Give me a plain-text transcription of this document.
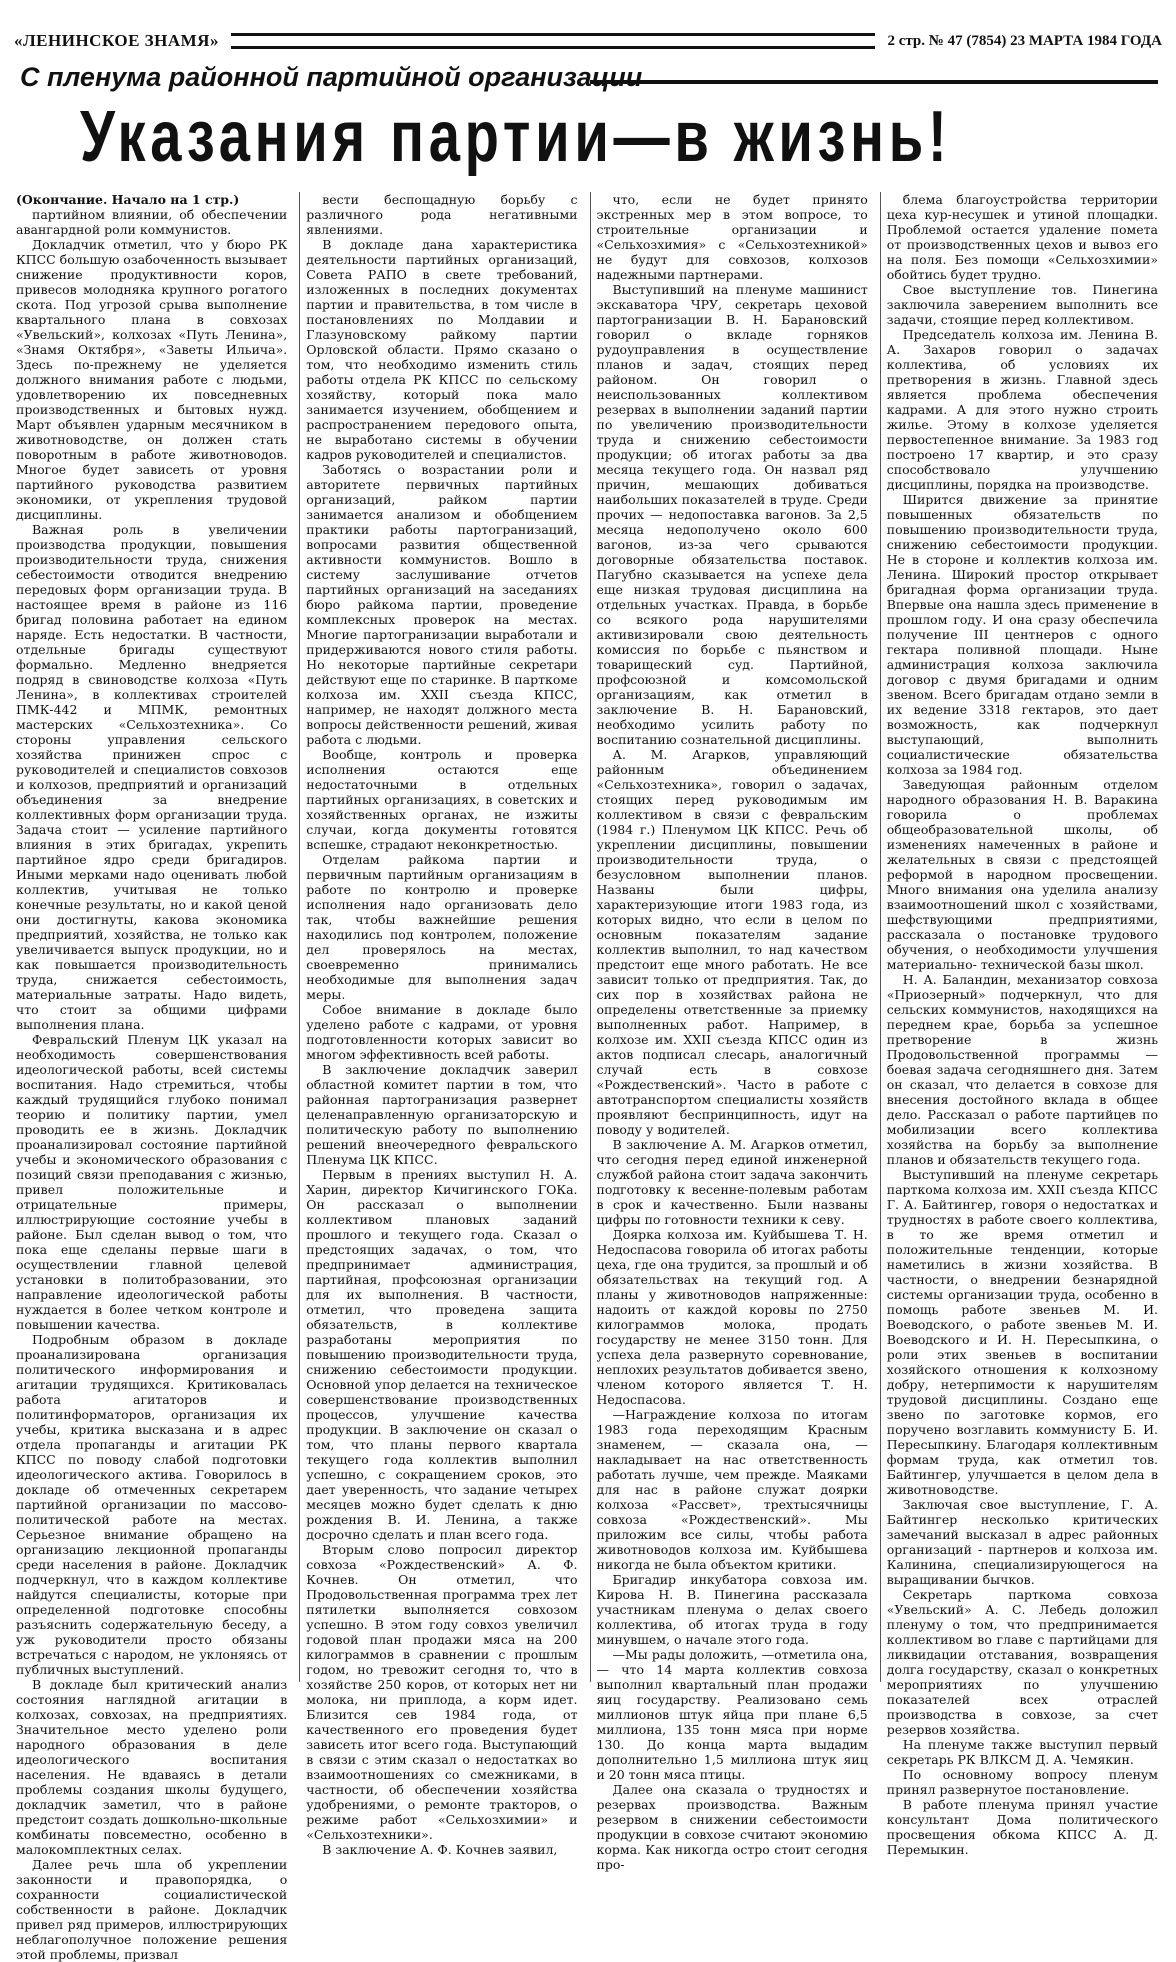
«ЛЕНИНСКОЕ ЗНАМЯ»	2 стр. № 47 (7854) 23 МАРТА 1984 ГОДА
С пленума районной партийной организации
Указания партии—в жизнь!

(Окончание. Начало на 1 стр.)

партийном влиянии, об обеспечении авангардной роли коммунистов.

Докладчик отметил, что у бюро РК КПСС большую озабоченность вызывает снижение продуктивности коров, привесов молодняка крупного рогатого скота. Под угрозой срыва выполнение квартального плана в совхозах «Увельский», колхозах «Путь Ленина», «Знамя Октября», «Заветы Ильича». Здесь по-прежнему не уделяется должного внимания работе с людьми, удовлетворению их повседневных производственных и бытовых нужд. Март объявлен ударным месячником в животноводстве, он должен стать поворотным в работе животноводов. Многое будет зависеть от уровня партийного руководства развитием экономики, от укрепления трудовой дисциплины.

Важная роль в увеличении производства продукции, повышения производительности труда, снижения себестоимости отводится внедрению передовых форм организации труда. В настоящее время в районе из 116 бригад половина работает на едином наряде. Есть недостатки. В частности, отдельные бригады существуют формально. Медленно внедряется подряд в свиноводстве колхоза «Путь Ленина», в коллективах строителей ПМК-442 и МПМК, ремонтных мастерских «Сельхозтехника». Со стороны управления сельского хозяйства принижен спрос с руководителей и специалистов совхозов и колхозов, предприятий и организаций объединения за внедрение коллективных форм организации труда. Задача стоит — усиление партийного влияния в этих бригадах, укрепить партийное ядро среди бригадиров. Иными мерками надо оценивать любой коллектив, учитывая не только конечные результаты, но и какой ценой они достигнуты, какова экономика предприятий, хозяйства, не только как увеличивается выпуск продукции, но и как повышается производительность труда, снижается себестоимость, материальные затраты. Надо видеть, что стоит за общими цифрами выполнения плана.

Февральский Пленум ЦК указал на необходимость совершенствования идеологической работы, всей системы воспитания. Надо стремиться, чтобы каждый трудящийся глубоко понимал теорию и политику партии, умел проводить ее в жизнь. Докладчик проанализировал состояние партийной учебы и экономического образования с позиций связи преподавания с жизнью, привел положительные и отрицательные примеры, иллюстрирующие состояние учебы в районе. Был сделан вывод о том, что пока еще сделаны первые шаги в осуществлении главной целевой установки в политобразовании, это направление идеологической работы нуждается в более четком контроле и повышении качества.

Подробным образом в докладе проанализирована организация политического информирования и агитации трудящихся. Критиковалась работа агитаторов и политинформаторов, организация их учебы, критика высказана и в адрес отдела пропаганды и агитации РК КПСС по поводу слабой подготовки идеологического актива. Говорилось в докладе об отмеченных секретарем партийной организации по массово-политической работе на местах. Серьезное внимание обращено на организацию лекционной пропаганды среди населения в районе. Докладчик подчеркнул, что в каждом коллективе найдутся специалисты, которые при определенной подготовке способны разъяснить содержательную беседу, а уж руководители просто обязаны встречаться с народом, не уклоняясь от публичных выступлений.

В докладе был критический анализ состояния наглядной агитации в колхозах, совхозах, на предприятиях. Значительное место уделено роли народного образования в деле идеологического воспитания населения. Не вдаваясь в детали проблемы создания школы будущего, докладчик заметил, что в районе предстоит создать дошкольно-школьные комбинаты повсеместно, особенно в малокомплектных селах.

Далее речь шла об укреплении законности и правопорядка, о сохранности социалистической собственности в районе. Докладчик привел ряд примеров, иллюстрирующих неблагополучное положение решения этой проблемы, призвал

вести беспощадную борьбу с различного рода негативными явлениями.

В докладе дана характеристика деятельности партийных организаций, Совета РАПО в свете требований, изложенных в последних документах партии и правительства, в том числе в постановлениях по Молдавии и Глазуновскому райкому партии Орловской области. Прямо сказано о том, что необходимо изменить стиль работы отдела РК КПСС по сельскому хозяйству, который пока мало занимается изучением, обобщением и распространением передового опыта, не выработано системы в обучении кадров руководителей и специалистов.

Заботясь о возрастании роли и авторитете первичных партийных организаций, райком партии занимается анализом и обобщением практики работы партогранизаций, вопросами развития общественной активности коммунистов. Вошло в систему заслушивание отчетов партийных организаций на заседаниях бюро райкома партии, проведение комплексных проверок на местах. Многие партогранизации выработали и придерживаются нового стиля работы. Но некоторые партийные секретари действуют еще по старинке. В парткоме колхоза им. XXII съезда КПСС, например, не находят должного места вопросы действенности решений, живая работа с людьми.

Вообще, контроль и проверка исполнения остаются еще недостаточными в отдельных партийных организациях, в советских и хозяйственных органах, не изжиты случаи, когда документы готовятся вспешке, страдают неконкретностью.

Отделам райкома партии и первичным партийным организациям в работе по контролю и проверке исполнения надо организовать дело так, чтобы важнейшие решения находились под контролем, положение дел проверялось на местах, своевременно принимались необходимые для выполнения задач меры.

Собое внимание в докладе было уделено работе с кадрами, от уровня подготовленности которых зависит во многом эффективность всей работы.

В заключение докладчик заверил областной комитет партии в том, что районная партогранизация развернет целенаправленную организаторскую и политическую работу по выполнению решений внеочередного февральского Пленума ЦК КПСС.

Первым в прениях выступил Н. А. Харин, директор Кичигинского ГОКа. Он рассказал о выполнении коллективом плановых заданий прошлого и текущего года. Сказал о предстоящих задачах, о том, что предпринимает администрация, партийная, профсоюзная организации для их выполнения. В частности, отметил, что проведена защита обязательств, в коллективе разработаны мероприятия по повышению производительности труда, снижению себестоимости продукции. Основной упор делается на техническое совершенствование производственных процессов, улучшение качества продукции. В заключение он сказал о том, что планы первого квартала текущего года коллектив выполнил успешно, с сокращением сроков, это дает уверенность, что задание четырех месяцев можно будет сделать к дню рождения В. И. Ленина, а также досрочно сделать и план всего года.

Вторым слово попросил директор совхоза «Рождественский» А. Ф. Кочнев. Он отметил, что Продовольственная программа трех лет пятилетки выполняется совхозом успешно. В этом году совхоз увеличил годовой план продажи мяса на 200 килограммов в сравнении с прошлым годом, но тревожит сегодня то, что в хозяйстве 250 коров, от которых нет ни молока, ни приплода, а корм идет. Близится сев 1984 года, от качественного его проведения будет зависеть итог всего года. Выступающий в связи с этим сказал о недостатках во взаимоотношениях со смежниками, в частности, об обеспечении хозяйства удобрениями, о ремонте тракторов, о режиме работ «Сельхозхимии» и «Сельхозтехники».

В заключение А. Ф. Кочнев заявил,

что, если не будет принято экстренных мер в этом вопросе, то строительные организации и «Сельхозхимия» с «Сельхозтехникой» не будут для совхозов, колхозов надежными партнерами.

Выступивший на пленуме машинист экскаватора ЧРУ, секретарь цеховой партогранизации В. Н. Барановский говорил о вкладе горняков рудоуправления в осуществление планов и задач, стоящих перед районом. Он говорил о неиспользованных коллективом резервах в выполнении заданий партии по увеличению производительности труда и снижению себестоимости продукции; об итогах работы за два месяца текущего года. Он назвал ряд причин, мешающих добиваться наибольших показателей в труде. Среди прочих — недопоставка вагонов. За 2,5 месяца недополучено около 600 вагонов, из-за чего срываются договорные обязательства поставок. Пагубно сказывается на успехе дела еще низкая трудовая дисциплина на отдельных участках. Правда, в борьбе со всякого рода нарушителями активизировали свою деятельность комиссия по борьбе с пьянством и товарищеский суд. Партийной, профсоюзной и комсомольской организациям, как отметил в заключение В. Н. Барановский, необходимо усилить работу по воспитанию сознательной дисциплины.

А. М. Агарков, управляющий районным объединением «Сельхозтехника», говорил о задачах, стоящих перед руководимым им коллективом в связи с февральским (1984 г.) Пленумом ЦК КПСС. Речь об укреплении дисциплины, повышении производительности труда, о безусловном выполнении планов. Названы были цифры, характеризующие итоги 1983 года, из которых видно, что если в целом по основным показателям задание коллектив выполнил, то над качеством предстоит еще много работать. Не все зависит только от предприятия. Так, до сих пор в хозяйствах района не определены ответственные за приемку выполненных работ. Например, в колхозе им. XXII съезда КПСС один из актов подписал слесарь, аналогичный случай есть в совхозе «Рождественский». Часто в работе с автотранспортом специалисты хозяйств проявляют беспринципность, идут на поводу у водителей.

В заключение А. М. Агарков отметил, что сегодня перед единой инженерной службой района стоит задача закончить подготовку к весенне-полевым работам в срок и качественно. Были названы цифры по готовности техники к севу.

Доярка колхоза им. Куйбышева Т. Н. Недоспасова говорила об итогах работы цеха, где она трудится, за прошлый и об обязательствах на текущий год. А планы у животноводов напряженные: надоить от каждой коровы по 2750 килограммов молока, продать государству не менее 3150 тонн. Для успеха дела развернуто соревнование, неплохих результатов добивается звено, членом которого является Т. Н. Недоспасова.

—Награждение колхоза по итогам 1983 года переходящим Красным знаменем, — сказала она, — накладывает на нас ответственность работать лучше, чем прежде. Маяками для нас в районе служат доярки колхоза «Рассвет», трехтысячницы совхоза «Рождественский». Мы приложим все силы, чтобы работа животноводов колхоза им. Куйбышева никогда не была объектом критики.

Бригадир инкубатора совхоза им. Кирова Н. В. Пинегина рассказала участникам пленума о делах своего коллектива, об итогах труда в году минувшем, о начале этого года.

—Мы рады доложить, —отметила она, — что 14 марта коллектив совхоза выполнил квартальный план продажи яиц государству. Реализовано семь миллионов штук яйца при плане 6,5 миллиона, 135 тонн мяса при норме 130. До конца марта выдадим дополнительно 1,5 миллиона штук яиц и 20 тонн мяса птицы.

Далее она сказала о трудностях и резервах производства. Важным резервом в снижении себестоимости продукции в совхозе считают экономию корма. Как никогда остро стоит сегодня про-

блема благоустройства территории цеха кур-несушек и утиной площадки. Проблемой остается удаление помета от производственных цехов и вывоз его на поля. Без помощи «Сельхозхимии» обойтись будет трудно.

Свое выступление тов. Пинегина заключила заверением выполнить все задачи, стоящие перед коллективом.

Председатель колхоза им. Ленина В. А. Захаров говорил о задачах коллектива, об условиях их претворения в жизнь. Главной здесь является проблема обеспечения кадрами. А для этого нужно строить жилье. Этому в колхозе уделяется первостепенное внимание. За 1983 год построено 17 квартир, и это сразу способствовало улучшению дисциплины, порядка на производстве.

Ширится движение за принятие повышенных обязательств по повышению производительности труда, снижению себестоимости продукции. Не в стороне и коллектив колхоза им. Ленина. Широкий простор открывает бригадная форма организации труда. Впервые она нашла здесь применение в прошлом году. И она сразу обеспечила получение III центнеров с одного гектара поливной площади. Ныне администрация колхоза заключила договор с двумя бригадами и одним звеном. Всего бригадам отдано земли в их ведение 3318 гектаров, это дает возможность, как подчеркнул выступающий, выполнить социалистические обязательства колхоза за 1984 год.

Заведующая районным отделом народного образования Н. В. Варакина говорила о проблемах общеобразовательной школы, об изменениях намеченных в районе и желательных в связи с предстоящей реформой в народном просвещении. Много внимания она уделила анализу взаимоотношений школ с хозяйствами, шефствующими предприятиями, рассказала о постановке трудового обучения, о необходимости улучшения материально- технической базы школ.

Н. А. Баландин, механизатор совхоза «Приозерный» подчеркнул, что для сельских коммунистов, находящихся на переднем крае, борьба за успешное претворение в жизнь Продовольственной программы — боевая задача сегодняшнего дня. Затем он сказал, что делается в совхозе для внесения достойного вклада в общее дело. Рассказал о работе партийцев по мобилизации всего коллектива хозяйства на борьбу за выполнение планов и обязательств текущего года.

Выступивший на пленуме секретарь парткома колхоза им. XXII съезда КПСС Г. А. Байтингер, говоря о недостатках и трудностях в работе своего коллектива, в то же время отметил и положительные тенденции, которые наметились в жизни хозяйства. В частности, о внедрении безнарядной системы организации труда, особенно в помощь работе звеньев М. И. Воеводского, о работе звеньев М. И. Воеводского и И. Н. Пересыпкина, о роли этих звеньев в воспитании хозяйского отношения к колхозному добру, нетерпимости к нарушителям трудовой дисциплины. Создано еще звено по заготовке кормов, его поручено возглавить коммунисту Б. И. Пересыпкину. Благодаря коллективным формам труда, как отметил тов. Байтингер, улучшается в целом дела в животноводстве.

Заключая свое выступление, Г. А. Байтингер несколько критических замечаний высказал в адрес районных организаций - партнеров и колхоза им. Калинина, специализирующегося на выращивании бычков.

Секретарь парткома совхоза «Увельский» А. С. Лебедь доложил пленуму о том, что предпринимается коллективом во главе с партийцами для ликвидации отставания, возвращения долга государству, сказал о конкретных мероприятиях по улучшению показателей всех отраслей производства в совхозе, за счет резервов хозяйства.

На пленуме также выступил первый секретарь РК ВЛКСМ Д. А. Чемякин.

По основному вопросу пленум принял развернутое постановление.

В работе пленума принял участие консультант Дома политического просвещения обкома КПСС А. Д. Перемыкин.
